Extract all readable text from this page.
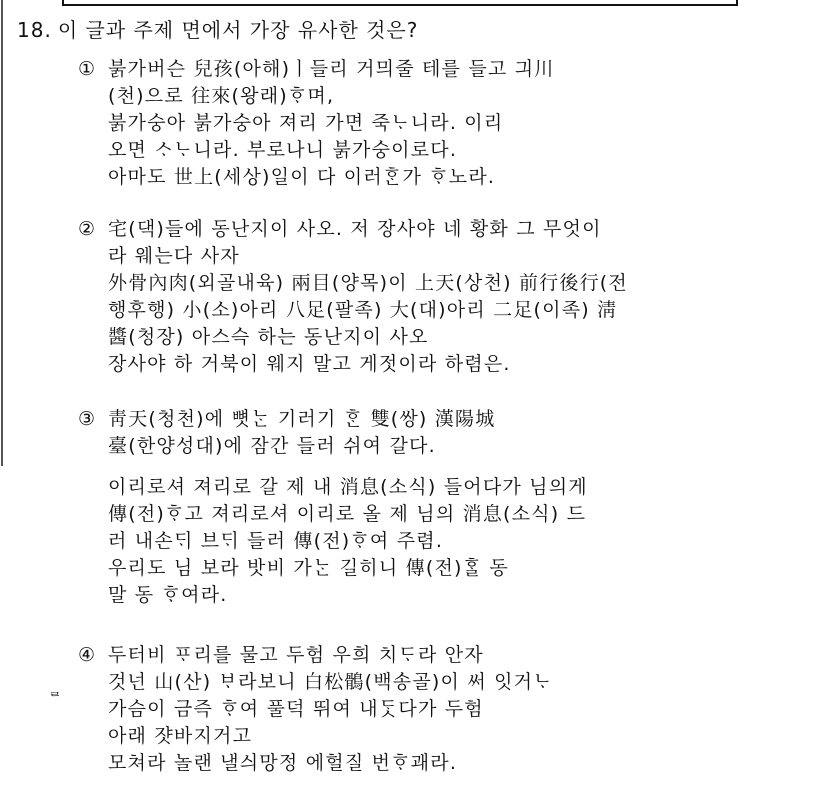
18. 이 글과 주제 면에서 가장 유사한 것은?
① 붉가버슨 兒孩(아해)ㅣ들리 거믜줄 테를 들고 긔川
(천)으로 往來(왕래)ᄒᆞ며,
붉가숭아 붉가숭아 져리 가면 죽ᄂᆞ니라. 이리
오면 ᄉᆞᄂᆞ니라. 부로나니 붉가숭이로다.
아마도 世上(세상)일이 다 이러ᄒᆞᆫ가 ᄒᆞ노라.
② 宅(댁)들에 동난지이 사오. 저 장사야 네 황화 그 무엇이
라 웨는다 사자
外骨內肉(외골내육) 兩目(양목)이 上天(상천) 前行後行(전
행후행) 小(소)아리 八足(팔족) 大(대)아리 二足(이족) 淸
醬(청장) 아스슥 하는 동난지이 사오
장사야 하 거북이 웨지 말고 게젓이라 하렴은.
③ 靑天(청천)에 뼛ᄂᆞᆫ 기러기 ᄒᆞᆫ 雙(쌍) 漢陽城
臺(한양성대)에 잠간 들러 쉬여 갈다.
이리로셔 져리로 갈 제 내 消息(소식) 들어다가 님의게
傳(전)ᄒᆞ고 져리로셔 이리로 올 제 님의 消息(소식) 드
러 내손ᄃᆡ 브ᄃᆡ 들러 傳(전)ᄒᆞ여 주렴.
우리도 님 보라 밧비 가ᄂᆞᆫ 길히니 傳(전)ᄒᆞᆯ 동
말 동 ᄒᆞ여라.
④ 두터비 ᄑᆞ리를 물고 두험 우희 치ᄃᆞ라 안자
것넌 山(산) ᄇᆞ라보니 白松鶻(백송골)이 써 잇거ᄂᆞ
가슴이 금즉 ᄒᆞ여 풀덕 뛰여 내ᄃᆞᆺ다가 두험
아래 쟛바지거고
모쳐라 놀랜 낼싀망정 에헐질 번ᄒᆞ괘라.
ᆯ
